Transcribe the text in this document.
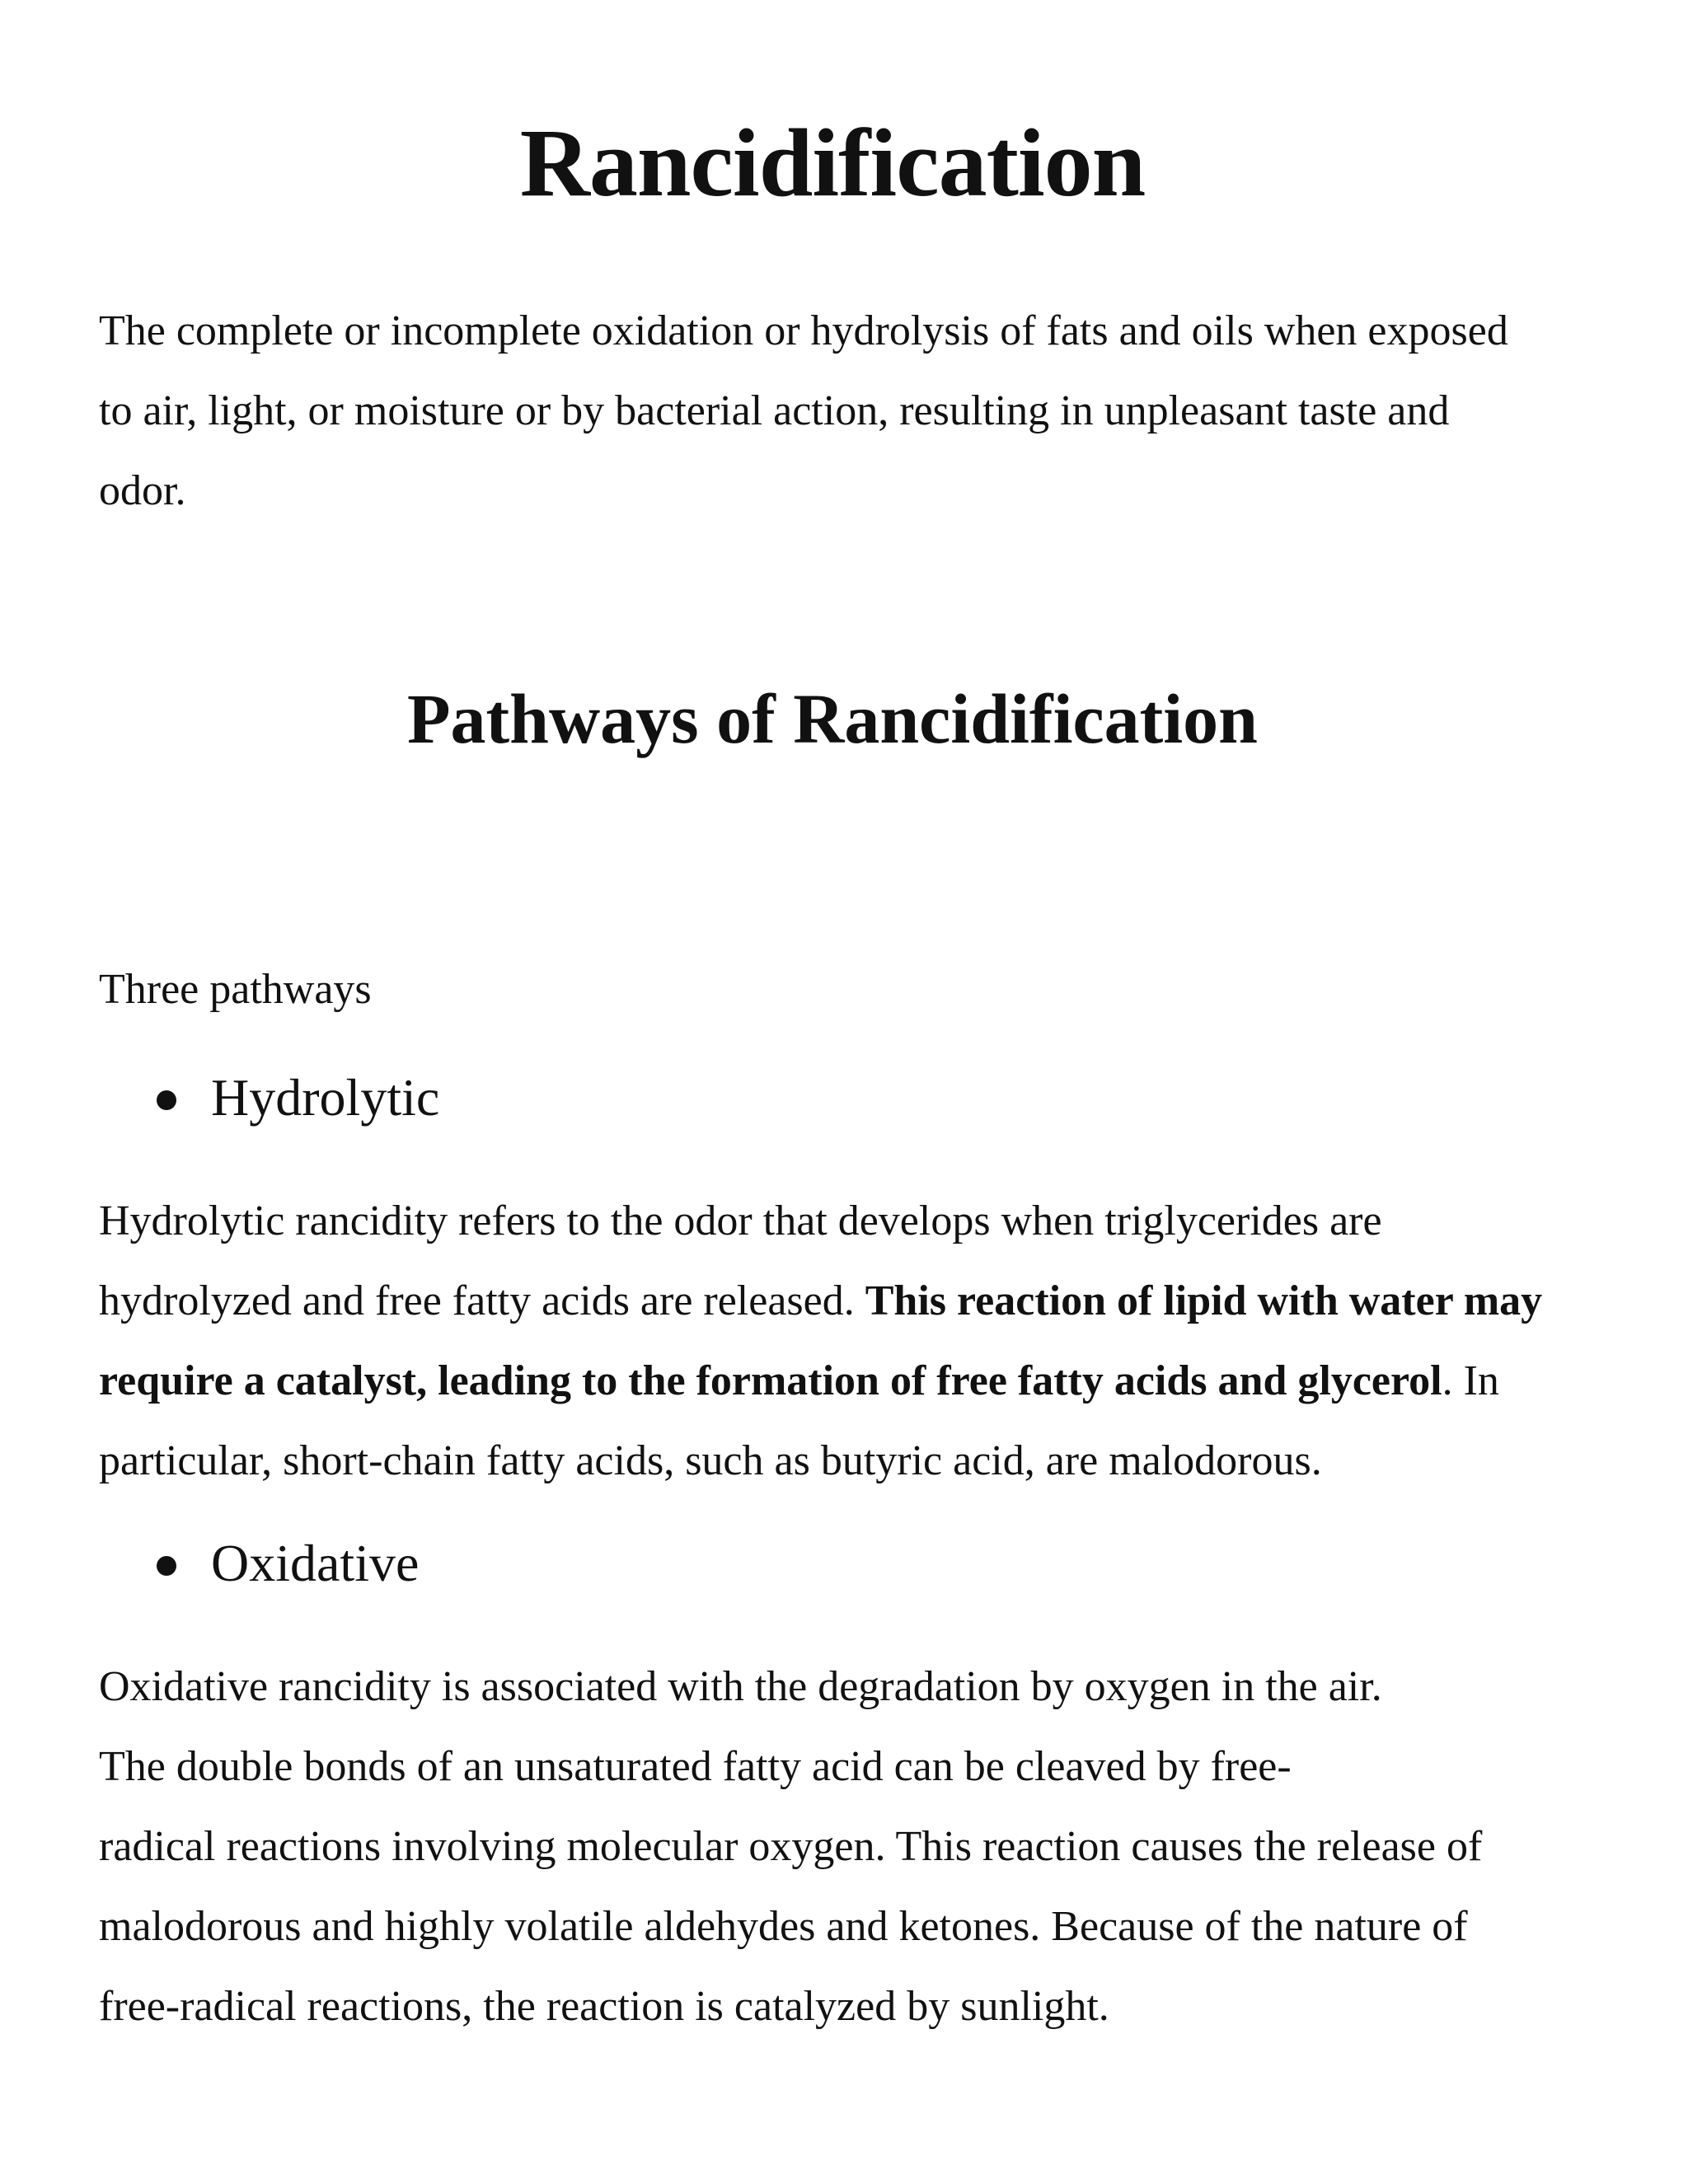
Rancidification

The complete or incomplete oxidation or hydrolysis of fats and oils when exposed
to air, light, or moisture or by bacterial action, resulting in unpleasant taste and
odor.

Pathways of Rancidification

Three pathways

Hydrolytic

Hydrolytic rancidity refers to the odor that develops when triglycerides are
hydrolyzed and free fatty acids are released. This reaction of lipid with water may
require a catalyst, leading to the formation of free fatty acids and glycerol. In
particular, short-chain fatty acids, such as butyric acid, are malodorous.

Oxidative

Oxidative rancidity is associated with the degradation by oxygen in the air.
The double bonds of an unsaturated fatty acid can be cleaved by free-
radical reactions involving molecular oxygen. This reaction causes the release of
malodorous and highly volatile aldehydes and ketones. Because of the nature of
free-radical reactions, the reaction is catalyzed by sunlight.
